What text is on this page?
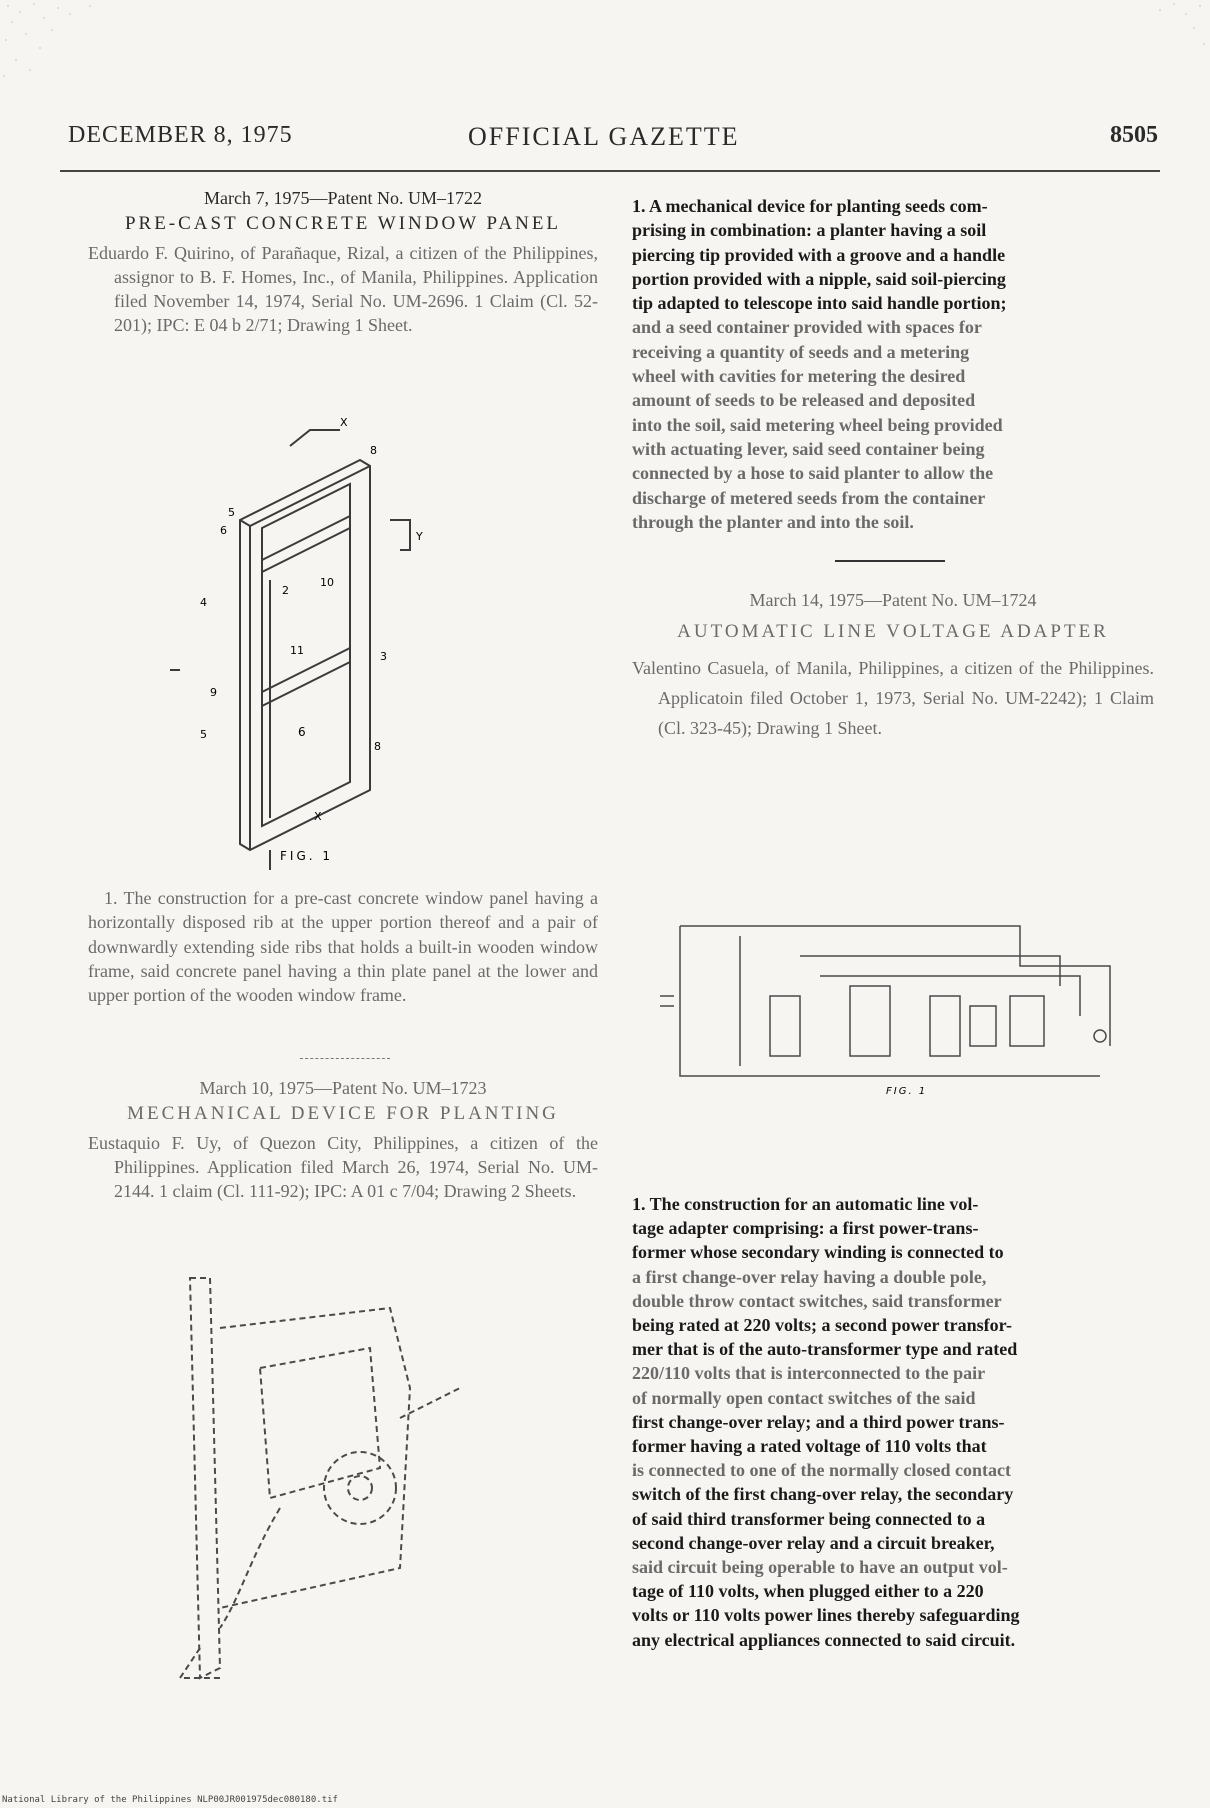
DECEMBER 8, 1975	OFFICIAL GAZETTE	8505
March 7, 1975—Patent No. UM–1722
PRE-CAST CONCRETE WINDOW PANEL
Eduardo F. Quirino, of Parañaque, Rizal, a citizen of the Philippines, assignor to B. F. Homes, Inc., of Manila, Philippines. Application filed November 14, 1974, Serial No. UM-2696. 1 Claim (Cl. 52-201); IPC: E 04 b 2/71; Drawing 1 Sheet.
X
8
Y
5
6
4
2
10
3
11
9
5	6
8
X
FIG. 1
1. The construction for a pre-cast concrete window panel having a horizontally disposed rib at the upper portion thereof and a pair of downwardly extending side ribs that holds a built-in wooden window frame, said concrete panel having a thin plate panel at the lower and upper portion of the wooden window frame.
March 10, 1975—Patent No. UM–1723
MECHANICAL DEVICE FOR PLANTING
Eustaquio F. Uy, of Quezon City, Philippines, a citizen of the Philippines. Application filed March 26, 1974, Serial No. UM-2144. 1 claim (Cl. 111-92); IPC: A 01 c 7/04; Drawing 2 Sheets.
1. A mechanical device for planting seeds com-
prising in combination: a planter having a soil
piercing tip provided with a groove and a handle
portion provided with a nipple, said soil-piercing
tip adapted to telescope into said handle portion;
and a seed container provided with spaces for
receiving a quantity of seeds and a metering
wheel with cavities for metering the desired
amount of seeds to be released and deposited
into the soil, said metering wheel being provided
with actuating lever, said seed container being
connected by a hose to said planter to allow the
discharge of metered seeds from the container
through the planter and into the soil.
March 14, 1975—Patent No. UM–1724
AUTOMATIC LINE VOLTAGE ADAPTER
Valentino Casuela, of Manila, Philippines, a citizen of the Philippines. Applicatoin filed October 1, 1973, Serial No. UM-2242); 1 Claim (Cl. 323-45); Drawing 1 Sheet.
FIG. 1
1. The construction for an automatic line vol-
tage adapter comprising: a first power-trans-
former whose secondary winding is connected to
a first change-over relay having a double pole,
double throw contact switches, said transformer
being rated at 220 volts; a second power transfor-
mer that is of the auto-transformer type and rated
220/110 volts that is interconnected to the pair
of normally open contact switches of the said
first change-over relay; and a third power trans-
former having a rated voltage of 110 volts that
is connected to one of the normally closed contact
switch of the first chang-over relay, the secondary
of said third transformer being connected to a
second change-over relay and a circuit breaker,
said circuit being operable to have an output vol-
tage of 110 volts, when plugged either to a 220
volts or 110 volts power lines thereby safeguarding
any electrical appliances connected to said circuit.
National Library of the Philippines NLP00JR001975dec080180.tif
